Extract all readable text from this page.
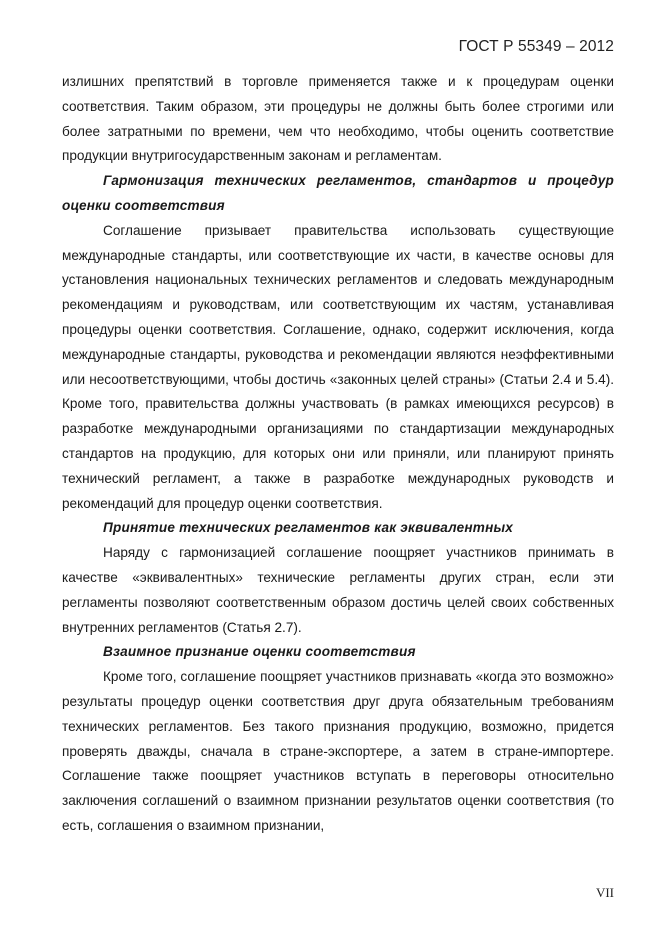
ГОСТ Р 55349 – 2012

излишних препятствий в торговле применяется также и к процедурам оценки соответствия. Таким образом, эти процедуры не должны быть более строгими или более затратными по времени, чем что необходимо, чтобы оценить соответствие продукции внутригосударственным законам и регламентам.

Гармонизация технических регламентов, стандартов и процедур оценки соответствия

Соглашение призывает правительства использовать существующие международные стандарты, или соответствующие их части, в качестве основы для установления национальных технических регламентов и следовать международным рекомендациям и руководствам, или соответствующим их частям, устанавливая процедуры оценки соответствия. Соглашение, однако, содержит исключения, когда международные стандарты, руководства и рекомендации являются неэффективными или несоответствующими, чтобы достичь «законных целей страны» (Статьи 2.4 и 5.4). Кроме того, правительства должны участвовать (в рамках имеющихся ресурсов) в разработке международными организациями по стандартизации международных стандартов на продукцию, для которых они или приняли, или планируют принять технический регламент, а также в разработке международных руководств и рекомендаций для процедур оценки соответствия.

Принятие технических регламентов как эквивалентных

Наряду с гармонизацией соглашение поощряет участников принимать в качестве «эквивалентных» технические регламенты других стран, если эти регламенты позволяют соответственным образом достичь целей своих собственных внутренних регламентов (Статья 2.7).

Взаимное признание оценки соответствия

Кроме того, соглашение поощряет участников признавать «когда это возможно» результаты процедур оценки соответствия друг друга обязательным требованиям технических регламентов. Без такого признания продукцию, возможно, придется проверять дважды, сначала в стране-экспортере, а затем в стране-импортере. Соглашение также поощряет участников вступать в переговоры относительно заключения соглашений о взаимном признании результатов оценки соответствия (то есть, соглашения о взаимном признании,

VII
